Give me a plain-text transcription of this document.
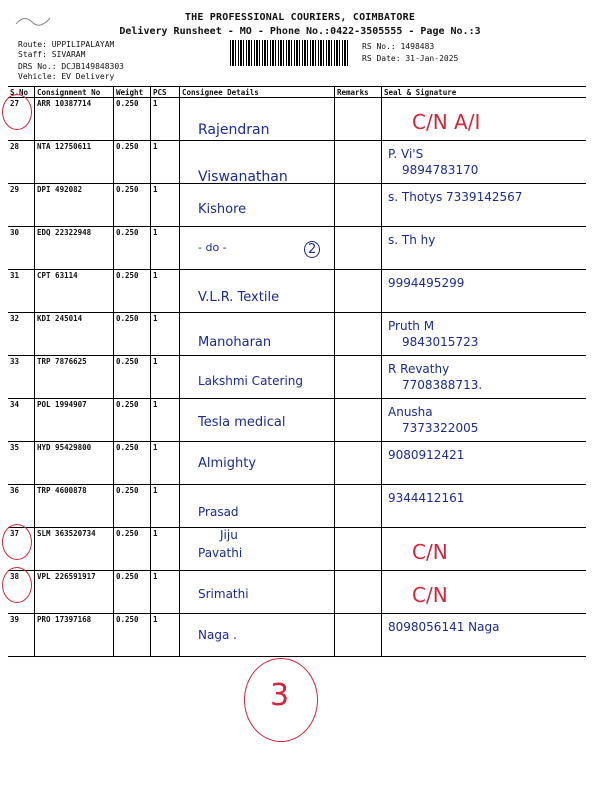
THE PROFESSIONAL COURIERS, COIMBATORE
Delivery Runsheet - MO - Phone No.:0422-3505555 - Page No.:3
Route: UPPILIPALAYAM
Staff: SIVARAM
DRS No.: DCJB149848303
Vehicle: EV Delivery
RS No.: 1498483
RS Date: 31-Jan-2025
S.No	Consignment No	Weight	PCS	Consignee Details	Remarks	Seal & Signature
27	ARR 10387714	0.250	1	Rajendran		C/N A/I

28	NTA 12750611	0.250	1	Viswanathan		P. Vi'S
9894783170

29	DPI 492082	0.250	1	Kishore		s. Thotys 7339142567

30	EDQ 22322948	0.250	1	- do - 2		s. Th hy

31	CPT 63114	0.250	1	V.L.R. Textile		9994495299

32	KDI 245014	0.250	1	Manoharan		Pruth M
9843015723

33	TRP 7876625	0.250	1	Lakshmi Catering		R Revathy
7708388713.

34	POL 1994907	0.250	1	Tesla medical		Anusha
7373322005

35	HYD 95429800	0.250	1	Almighty		9080912421

36	TRP 4600878	0.250	1	Prasad		9344412161

37	SLM 363520734	0.250	1	Jiju
Pavathi		C/N

38	VPL 226591917	0.250	1	Srimathi		C/N

39	PRO 17397168	0.250	1	Naga .		8098056141 Naga
3
